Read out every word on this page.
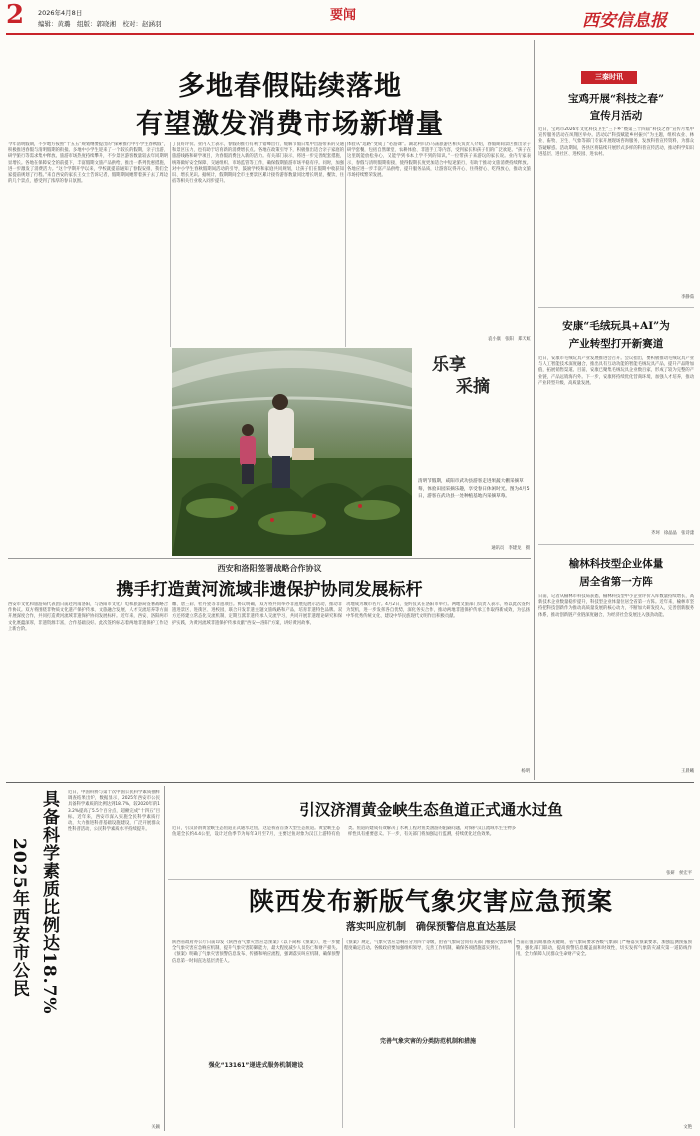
2 2026年4月8日
编辑：黄璐　组版：郭晓湘　校对：赵涵羽
要闻	西安信息报
多地春假陆续落地
有望激发消费市场新增量
今年清明假期，不少地方按照“十五五”规划纲要提出的“探索推行中小学生春秋假”，积极推进春假与清明假期的衔接。多地中小学生迎来了一个较长的假期，亲子出游、研学旅行等需求集中释放。旅游市场热度持续攀升，不少景区游客数量较去年同期明显增长。各地在保障安全的前提下，丰富假期文旅产品供给，推出一系列优惠措施，进一步激发了消费活力。“这个学期开学以来，学校就提前通知了春假安排，我们全家提前规划了行程。”来自西安的家长王女士告诉记者，假期期间她带着孩子去了周边的几个景点，感受到了浓厚的春日氛围。
了良好评价。业内人士表示，春假的推行有利于错峰出行，缓解节假日集中出游带来的交通和景区压力，也有助于培育新的消费增长点。各地在政策引导下，积极推出适合亲子家庭的旅游线路和研学项目，为春假消费注入新的活力。有关部门表示，将进一步完善配套措施，统筹做好安全保障、交通组织、市场监管等工作，确保假期旅游市场平稳有序。同时，加强对中小学生春秋假期间活动的引导，鼓励学校和家庭共同规划，让孩子们在假期中收获知识、增长见识。据统计，假期期间全市主要景区累计接待游客数量同比增长明显，餐饮、住宿等相关行业收入同步提升。
体验从“选路”变成了“必游课”。湖北利川苏马荡旅游区相关负责人介绍，春假期间景区推出亲子研学套餐，包括自然课堂、农耕体验、非遗手工等内容，受到家长和孩子们的广泛欢迎。“孩子在这里既能放松身心，又能学到书本上学不到的知识。”一位带孩子来游玩的家长说。业内专家表示，春假与清明假期衔接，使得假期长度更加适合中短途旅行，有助于推动文旅消费持续释放。各地应进一步丰富产品供给，提升服务品质，让游客玩得开心、住得舒心、吃得放心，推动文旅市场持续繁荣发展。
袁小康　张阳　郑天虹
乐享
采摘
清明节假期，咸阳市武功县游客走进果蔬大棚采摘草莓，体验田园采摘乐趣，享受春日休闲时光。图为4月5日，游客在武功县一处种植基地内采摘草莓。
通讯员　李建龙　摄
西安和洛阳签署战略合作协议
携手打造黄河流域非遗保护协同发展标杆
西安市文化和旅游局代表团日前赴河南洛阳，与洛阳市文化广电和旅游局签署战略合作协议。双方将围绕非物质文化遗产保护传承、文旅融合发展、人才交流培养等方面开展深度合作，共同打造黄河流域非遗保护协同发展标杆。近年来，西安、洛阳两市文化底蕴深厚，非遗资源丰富，合作基础良好。此次签约标志着两地非遗保护工作迈上新台阶。
雕、唐三彩、牡丹瓷等非遗项目。协议明确，双方将共同举办非遗展览展示活动，推动非遗进景区、进街区、进校园，联合开发非遗主题文旅线路和产品，培育非遗特色品牌。双方还将建立常态化交流机制，定期互派非遗传承人交流学习，共同开展非遗理论研究和保护实践，为黄河流域非遗保护传承贡献“西安—洛阳”方案，讲好黄河故事。
功地成为城市名片。4月2日，签约仪式在洛阳市举行。两地文旅部门负责人表示，将以此次签约为契机，进一步发挥各自优势，深化务实合作，推动两地非遗保护传承工作取得新成效，为弘扬中华优秀传统文化、建设中华民族现代文明作出积极贡献。
杨明
三秦时讯
宝鸡开展“科技之春”
宣传月活动
近日，宝鸡市2026年文化科技卫生“三下乡”暨第三十四届“科技之春”宣传月集中宣传服务活动在凤翔区举办。活动以“科技赋能乡村振兴”为主题，组织农业、林业、畜牧、卫生、气象等部门专家开展现场咨询服务，发放科普宣传资料，为群众答疑解惑。活动期间，各县区将陆续开展形式多样的科普宣传活动，推动科学知识进基层、进社区、进校园、进农村。
李静茹
安康“毛绒玩具+AI”为
产业转型打开新赛道
近日，安康市毛绒玩具产业发展推进会召开。会议指出，要积极推动毛绒玩具产业与人工智能技术深度融合，推出具有互动功能的智能毛绒玩具产品，提升产品附加值，拓展销售渠道。目前，安康已聚集毛绒玩具企业数百家，形成了较为完整的产业链，产品远销海内外。下一步，安康将持续优化营商环境，加强人才培养，推动产业转型升级、高质量发展。
齐珂　徐晶晶　张诗漾
榆林科技型企业体量
居全省第一方阵
日前，记者从榆林市科技局获悉，榆林科技型中小企业评价入库数量持续增长，高新技术企业数量稳步提升，科技型企业体量位居全省第一方阵。近年来，榆林市坚持把科技创新作为推动高质量发展的核心动力，不断加大研发投入，完善创新服务体系，推动创新链产业链深度融合，为经济社会发展注入强劲动能。
王晨曦
具备科学素质比例达18.7%
2025年西安市公民
近日，中国科协与第十次中国公民科学素质抽样调查结果出炉，数据显示，2025年西安市公民具备科学素质的比例达到18.7%，较2020年的13.2%提高了5.5个百分点，超额完成“十四五”目标。近年来，西安市深入实施全民科学素质行动，大力推进科普基础设施建设，广泛开展群众性科普活动，公民科学素质水平持续提升。
关颖
引汉济渭黄金峡生态鱼道正式通水过鱼
近日，引汉济渭黄金峡生态鱼道正式通水过鱼，这是我省首条大型生态鱼道。黄金峡生态鱼道全长约4.4公里，设计过鱼季节为每年3月至7月，主要过鱼对象为汉江上游特有鱼类。鱼道的建成有效解决了水利工程对鱼类洄游的阻隔问题，对保护汉江流域水生生物多样性具有重要意义。下一步，有关部门将加强运行监测，持续优化过鱼效果。
张研　侯宏平
陕西发布新版气象灾害应急预案
落实叫应机制　确保预警信息直达基层
陕西省政府办公厅日前印发《陕西省气象灾害应急预案》（以下简称《预案》），进一步健全气象灾害应急响应机制，提升气象灾害防御能力，最大程度减少人员伤亡和财产损失。《预案》明确了气象灾害预警信息发布、传播和响应流程，强调落实叫应机制，确保预警信息第一时间直达基层责任人。
强化“13161”递进式服务机制建设
《预案》规定，气象灾害应急响应分为四个等级，由省气象局会同有关部门根据灾害影响程度确定启动。各级政府要加强组织领导，完善工作机制，确保各项措施落实到位。
完善气象灾害的分类防范机制和措施
当前正值汛期准备关键期，省气象局要求各级气象部门严格落实预案要求，加强监测预报预警，强化部门联动，提高预警信息覆盖面和时效性，切实发挥气象防灾减灾第一道防线作用，全力保障人民群众生命财产安全。
文艳
